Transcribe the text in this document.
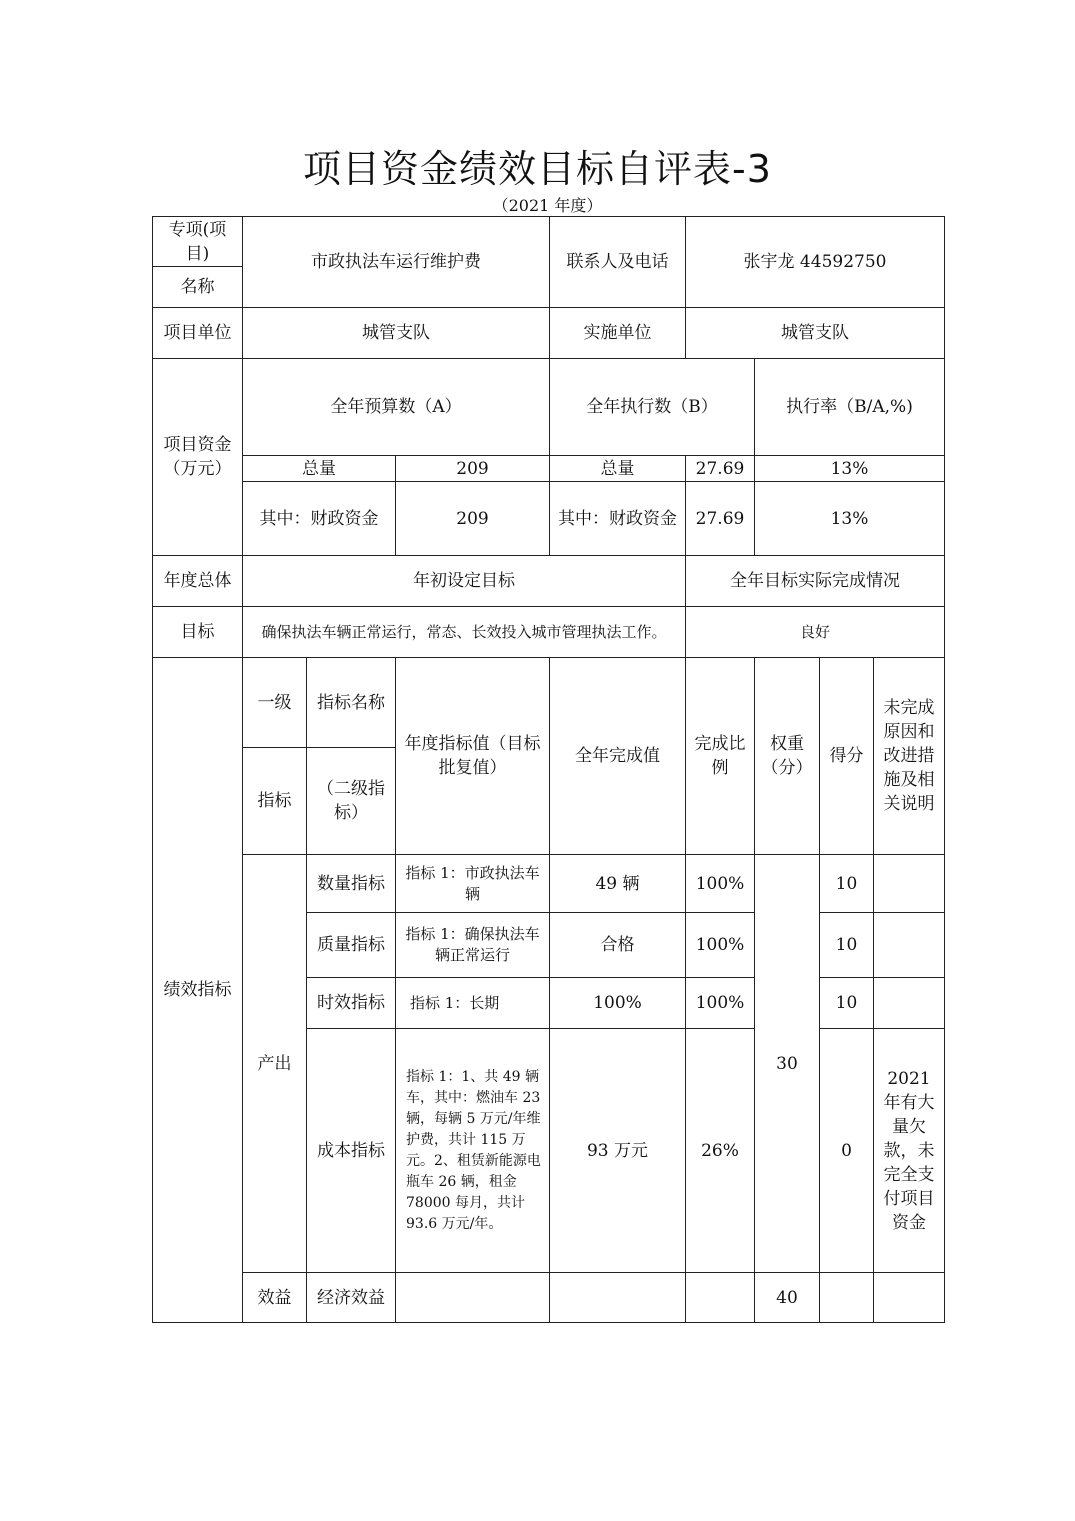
项目资金绩效目标自评表-3
（2021 年度）
专项(项目)	市政执法车运行维护费			联系人及电话	张宇龙 44592750			
名称								
项目单位	城管支队			实施单位	城管支队			
项目资金（万元）	全年预算数（A）			全年执行数（B）		执行率（B/A,%)		
	总量		209	总量	27.69	13%		
	其中：财政资金		209	其中：财政资金	27.69	13%		
年度总体	年初设定目标				全年目标实际完成情况			
目标	确保执法车辆正常运行，常态、长效投入城市管理执法工作。				良好			
绩效指标	一级	指标名称	年度指标值（目标批复值）	全年完成值	完成比例	权重（分）	得分	未完成原因和改进措施及相关说明
	指标	（二级指标）						
	产出	数量指标	指标 1：市政执法车辆	49 辆	100%	30	10	
		质量指标	指标 1：确保执法车辆正常运行	合格	100%		10	
		时效指标	指标 1：长期	100%	100%		10	

		成本指标	指标 1：1、共 49 辆车，其中：燃油车 23 辆，每辆 5 万元/年维护费，共计 115 万元。2、租赁新能源电瓶车 26 辆，租金 78000 每月，共计 93.6 万元/年。	93 万元	26%		0	2021年有大量欠款，未完全支付项目资金
	效益	经济效益				40		
